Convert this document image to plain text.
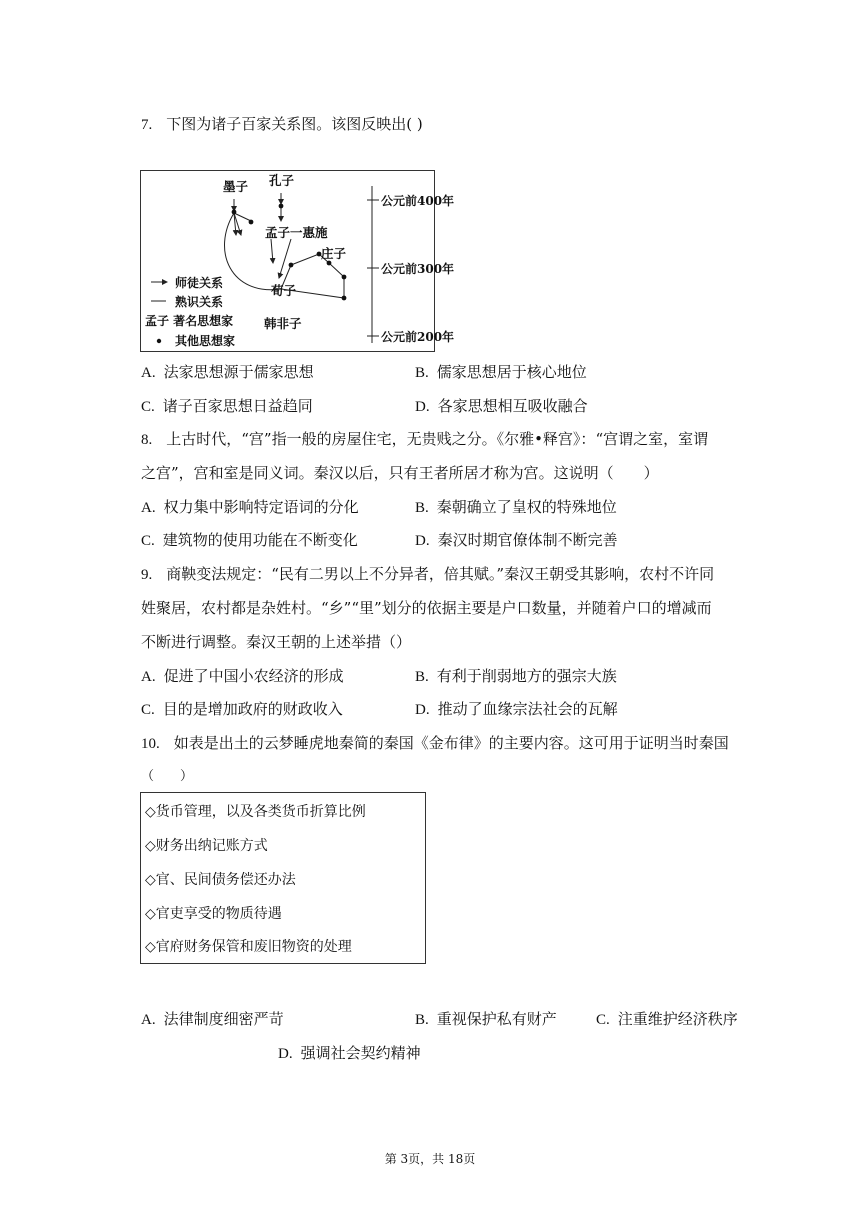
7. 下图为诸子百家关系图。该图反映出( )
墨子 孔子
孟子一惠施
庄子
荀子
韩非子
公元前400年
公元前300年
公元前200年
师徒关系
熟识关系
孟子 著名思想家
其他思想家
A. 法家思想源于儒家思想	B. 儒家思想居于核心地位
C. 诸子百家思想日益趋同	D. 各家思想相互吸收融合
8. 上古时代，“宫”指一般的房屋住宅，无贵贱之分。《尔雅•释宫》：“宫谓之室，室谓
之宫”，宫和室是同义词。秦汉以后，只有王者所居才称为宫。这说明（　　）
A. 权力集中影响特定语词的分化	B. 秦朝确立了皇权的特殊地位
C. 建筑物的使用功能在不断变化	D. 秦汉时期官僚体制不断完善
9. 商鞅变法规定：“民有二男以上不分异者，倍其赋。”秦汉王朝受其影响，农村不许同
姓聚居，农村都是杂姓村。“乡”“里”划分的依据主要是户口数量，并随着户口的增减而
不断进行调整。秦汉王朝的上述举措（）
A. 促进了中国小农经济的形成	B. 有利于削弱地方的强宗大族
C. 目的是增加政府的财政收入	D. 推动了血缘宗法社会的瓦解
10. 如表是出土的云梦睡虎地秦简的秦国《金布律》的主要内容。这可用于证明当时秦国
（　　）
◇货币管理，以及各类货币折算比例
◇财务出纳记账方式
◇官、民间债务偿还办法
◇官吏享受的物质待遇
◇官府财务保管和废旧物资的处理
A. 法律制度细密严苛	B. 重视保护私有财产	C. 注重维护经济秩序
D. 强调社会契约精神
第 3页，共 18页
